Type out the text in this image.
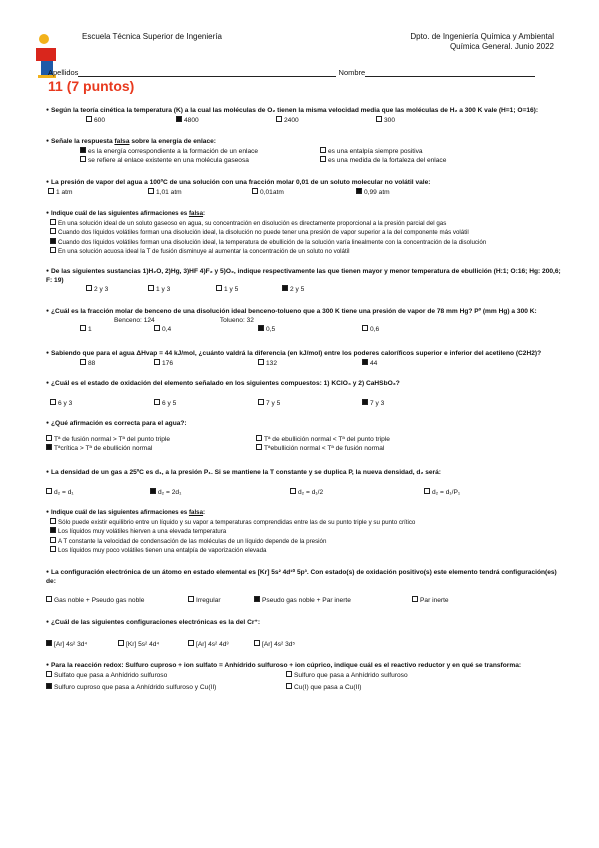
Escuela Técnica Superior de Ingeniería	Dpto. de Ingeniería Química y Ambiental
Química General. Junio 2022
Apellidos	Nombre
11 (7 puntos)
● Según la teoría cinética la temperatura (K) a la cual las moléculas de O₂ tienen la misma velocidad media que las moléculas de H₂ a 300 K vale (H=1; O=16):
600	4800	2400	300
● Señale la respuesta falsa sobre la energía de enlace:
es la energía correspondiente a la formación de un enlace	es una entalpía siempre positiva
se refiere al enlace existente en una molécula gaseosa	es una medida de la fortaleza del enlace
● La presión de vapor del agua a 100ºC de una solución con una fracción molar 0,01 de un soluto molecular no volátil vale:
1 atm	1,01 atm	0,01atm	0,99 atm
● Indique cuál de las siguientes afirmaciones es falsa:
En una solución ideal de un soluto gaseoso en agua, su concentración en disolución es directamente proporcional a la presión parcial del gas
Cuando dos líquidos volátiles forman una disolución ideal, la disolución no puede tener una presión de vapor superior a la del componente más volátil
Cuando dos líquidos volátiles forman una disolución ideal, la temperatura de ebullición de la solución varía linealmente con la concentración de la disolución
En una solución acuosa ideal la T de fusión disminuye al aumentar la concentración de un soluto no volátil
● De las siguientes sustancias 1)H₂O, 2)Hg, 3)HF 4)F₂ y 5)O₂, indique respectivamente las que tienen mayor y menor temperatura de ebullición (H:1; O:16; Hg: 200,6; F: 19)
2 y 3	1 y 3	1 y 5	2 y 5
● ¿Cuál es la fracción molar de benceno de una disolución ideal benceno-tolueno que a 300 K tiene una presión de vapor de 78 mm Hg? Pº (mm Hg) a 300 K:
Benceno: 124	Tolueno: 32
1	0,4	0,5	0,6
● Sabiendo que para el agua ΔHvap = 44 kJ/mol, ¿cuánto valdrá la diferencia (en kJ/mol) entre los poderes caloríficos superior e inferior del acetileno (C2H2)?
88	176	132	44
● ¿Cuál es el estado de oxidación del elemento señalado en los siguientes compuestos: 1) KClO₄ y 2) CaHSbO₃?
6 y 3	6 y 5	7 y 5	7 y 3
● ¿Qué afirmación es correcta para el agua?:
Tª de fusión normal > Tª del punto triple	Tª de ebullición normal < Tª del punto triple
Tªcrítica > Tª de ebullición normal	Tªebullición normal < Tª de fusión normal
● La densidad de un gas a 25ºC es d₁, a la presión P₁. Si se mantiene la T constante y se duplica P, la nueva densidad, d₂ será:
d₂ = d₁	d₂ = 2d₁	d₂ = d₁/2	d₂ = d₁/P₁
● Indique cuál de las siguientes afirmaciones es falsa:
Sólo puede existir equilibrio entre un líquido y su vapor a temperaturas comprendidas entre las de su punto triple y su punto crítico
Los líquidos muy volátiles hierven a una elevada temperatura
A T constante la velocidad de condensación de las moléculas de un líquido depende de la presión
Los líquidos muy poco volátiles tienen una entalpía de vaporización elevada
● La configuración electrónica de un átomo en estado elemental es [Kr] 5s² 4d¹⁰ 5p³. Con estado(s) de oxidación positivo(s) este elemento tendrá configuración(es) de:
Gas noble + Pseudo gas noble	Irregular	Pseudo gas noble + Par inerte	Par inerte
● ¿Cuál de las siguientes configuraciones electrónicas es la del Cr⁺:
[Ar] 4s² 3d⁴	[Kr] 5s² 4d⁴	[Ar] 4s² 4d³	[Ar] 4s² 3d⁵
● Para la reacción redox: Sulfuro cuproso + ion sulfato = Anhídrido sulfuroso + ion cúprico, indique cuál es el reactivo reductor y en qué se transforma:
Sulfato que pasa a Anhídrido sulfuroso	Sulfuro que pasa a Anhídrido sulfuroso
Sulfuro cuproso que pasa a Anhídrido sulfuroso y Cu(II)	Cu(I) que pasa a Cu(II)
